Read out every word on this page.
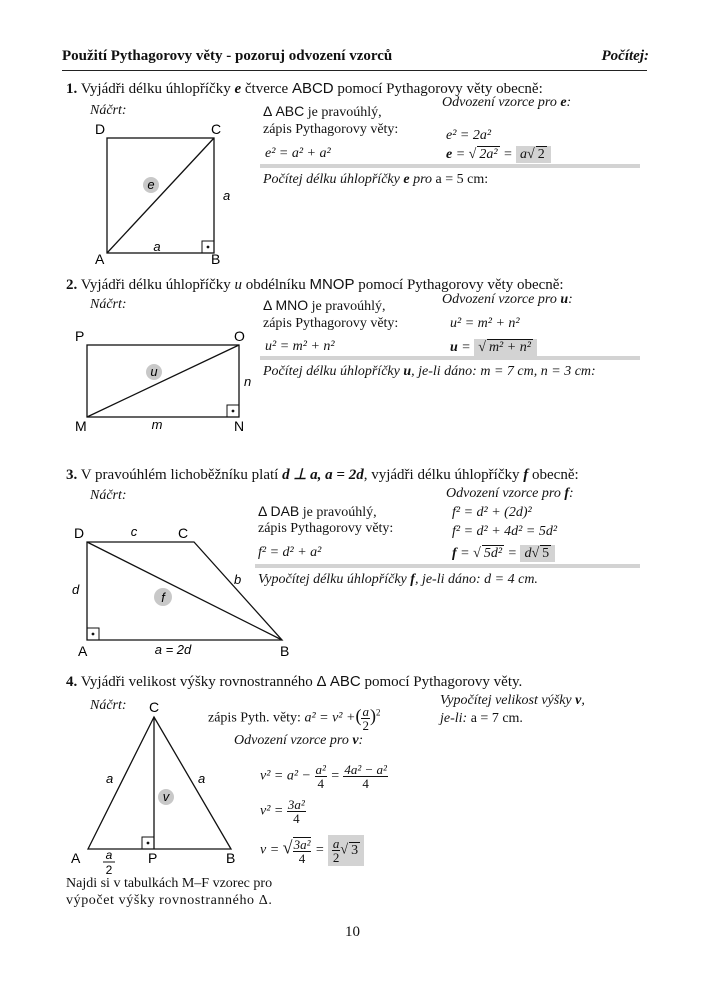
Použití Pythagorovy věty - pozoruj odvození vzorců	Počítej:
1. Vyjádři délku úhlopříčky e čtverce ABCD pomocí Pythagorovy věty obecně:
Náčrt:
e
D	C
A	B
a
a
Δ ABC je pravoúhlý,
zápis Pythagorovy věty:
Odvození vzorce pro e:
e² = 2a²
e² = a² + a²	e = √ 2a² = a√ 2
Počítej délku úhlopříčky e pro a = 5 cm:
2. Vyjádři délku úhlopříčky u obdélníku MNOP pomocí Pythagorovy věty obecně:
Náčrt:
u
P	O
M	N
m
n
Δ MNO je pravoúhlý,
zápis Pythagorovy věty:
Odvození vzorce pro u:
u² = m² + n²
u² = m² + n²	u = √ m² + n²
Počítej délku úhlopříčky u, je-li dáno: m = 7 cm, n = 3 cm:
3. V pravoúhlém lichoběžníku platí d ⊥ a, a = 2d, vyjádři délku úhlopříčky f obecně:
Náčrt:
f
D	C
A	B
c
d
b
a = 2d
Δ DAB je pravoúhlý,
zápis Pythagorovy věty:
Odvození vzorce pro f:
f² = d² + (2d)²
f² = d² + 4d² = 5d²
f² = d² + a²	f = √ 5d² = d√ 5
Vypočítej délku úhlopříčky f, je-li dáno: d = 4 cm.
4. Vyjádři velikost výšky rovnostranného Δ ABC pomocí Pythagorovy věty.
Náčrt:
v
C
A	P	B
a	a
a
2
zápis Pyth. věty: a² = v² +( $\frac{a}{2} )^2$
Vypočítej velikost výšky v,
je-li: a = 7 cm.
Odvození vzorce pro v:
$v^2 = a^2 - \frac{\text{a²}}{4} = \frac{\text{4a² − a²}}{4}$
$v^2 = \frac{\text{3a²}}{4}$
v = √ $\frac{\text{3a²}}{4} = \frac{a}{2}$ √ 3
Najdi si v tabulkách M–F vzorec pro
výpočet výšky rovnostranného Δ.
10
